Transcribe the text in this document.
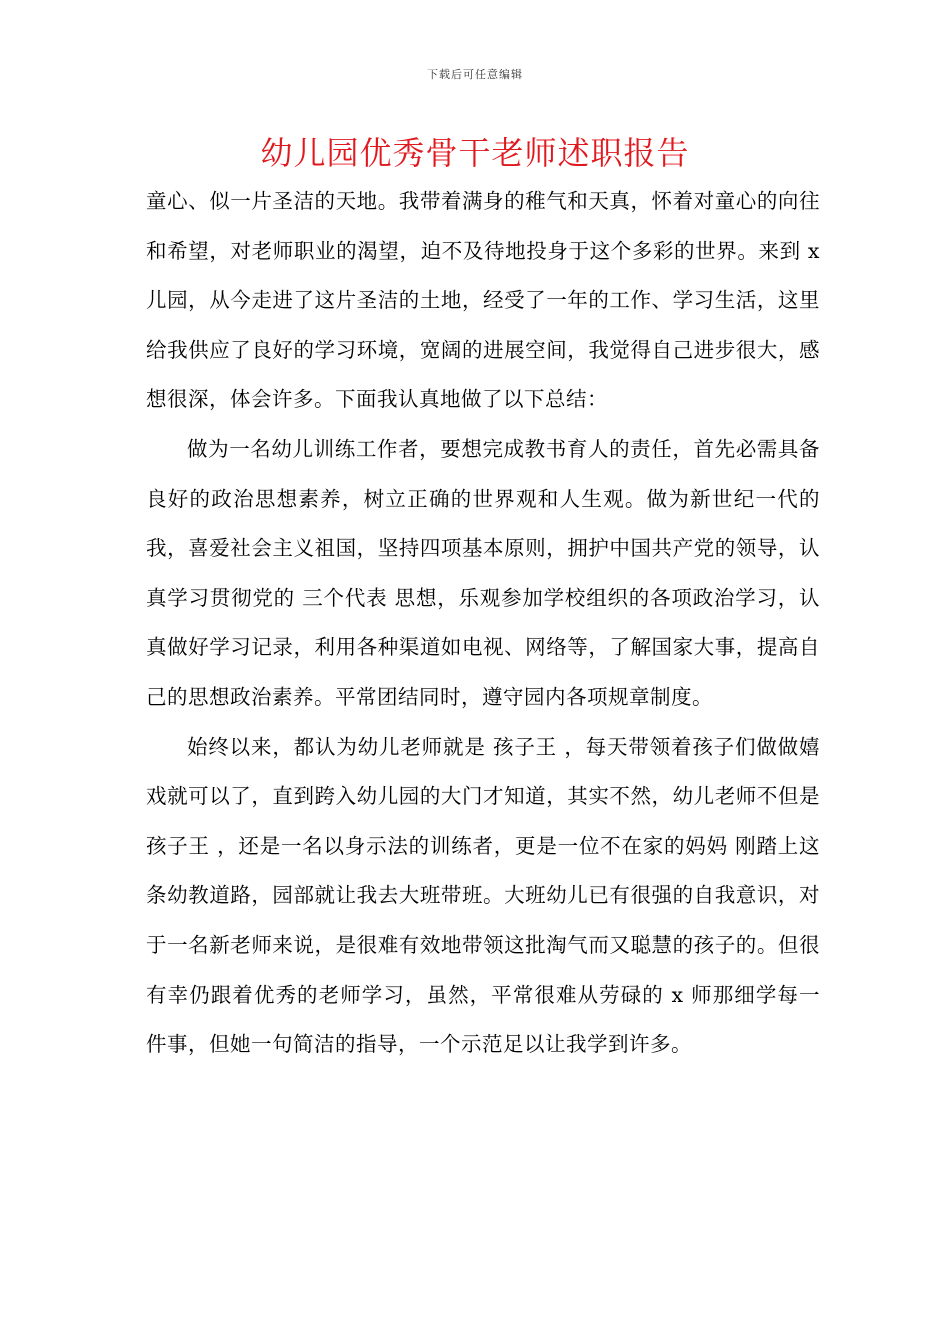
下载后可任意编辑
幼儿园优秀骨干老师述职报告

童心、似一片圣洁的天地。我带着满身的稚气和天真，怀着对童心的向往和希望，对老师职业的渴望，迫不及待地投身于这个多彩的世界。来到 x 儿园，从今走进了这片圣洁的土地，经受了一年的工作、学习生活，这里给我供应了良好的学习环境，宽阔的进展空间，我觉得自己进步很大，感想很深，体会许多。下面我认真地做了以下总结：

做为一名幼儿训练工作者，要想完成教书育人的责任，首先必需具备良好的政治思想素养，树立正确的世界观和人生观。做为新世纪一代的我，喜爱社会主义祖国，坚持四项基本原则，拥护中国共产党的领导，认真学习贯彻党的 三个代表 思想，乐观参加学校组织的各项政治学习，认真做好学习记录，利用各种渠道如电视、网络等，了解国家大事，提高自己的思想政治素养。平常团结同时，遵守园内各项规章制度。

始终以来，都认为幼儿老师就是 孩子王 ，每天带领着孩子们做做嬉戏就可以了，直到跨入幼儿园的大门才知道，其实不然，幼儿老师不但是 孩子王 ，还是一名以身示法的训练者，更是一位不在家的妈妈 刚踏上这条幼教道路，园部就让我去大班带班。大班幼儿已有很强的自我意识，对于一名新老师来说，是很难有效地带领这批淘气而又聪慧的孩子的。但很有幸仍跟着优秀的老师学习，虽然，平常很难从劳碌的 x 师那细学每一件事，但她一句简洁的指导，一个示范足以让我学到许多。
